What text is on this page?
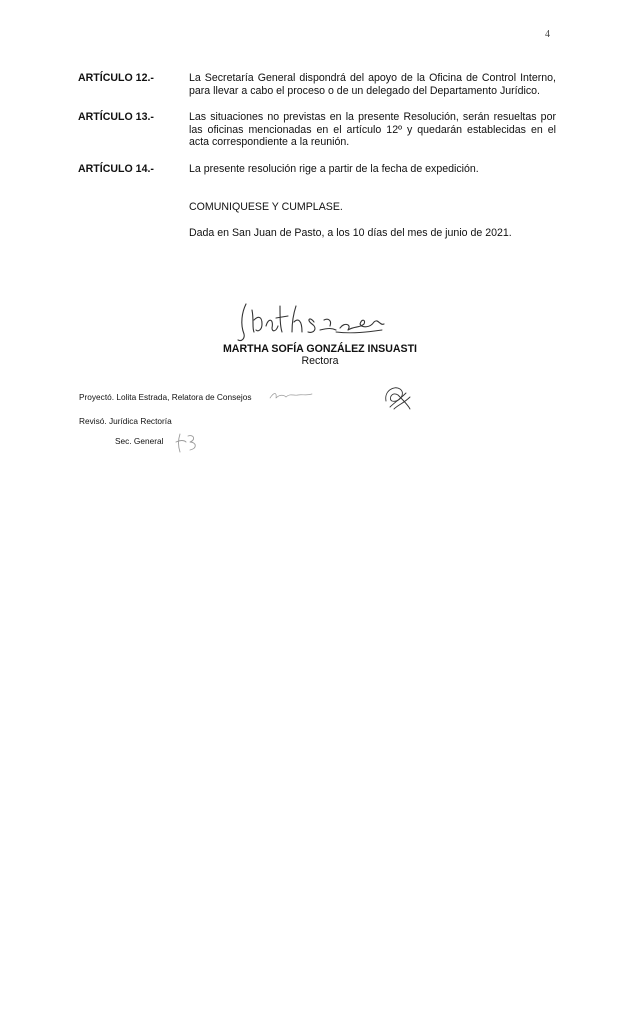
4
ARTÍCULO 12.-	La Secretaría General dispondrá del apoyo de la Oficina de Control Interno, para llevar a cabo el proceso o de un delegado del Departamento Jurídico.
ARTÍCULO 13.-	Las situaciones no previstas en la presente Resolución, serán resueltas por las oficinas mencionadas en el artículo 12º y quedarán establecidas en el acta correspondiente a la reunión.
ARTÍCULO 14.-	La presente resolución rige a partir de la fecha de expedición.
COMUNIQUESE Y CUMPLASE.
Dada en San Juan de Pasto, a los 10 días del mes de junio de 2021.
MARTHA SOFÍA GONZÁLEZ INSUASTI
Rectora
Proyectó. Lolita Estrada, Relatora de Consejos
Revisó. Jurídica Rectoría
Sec. General
